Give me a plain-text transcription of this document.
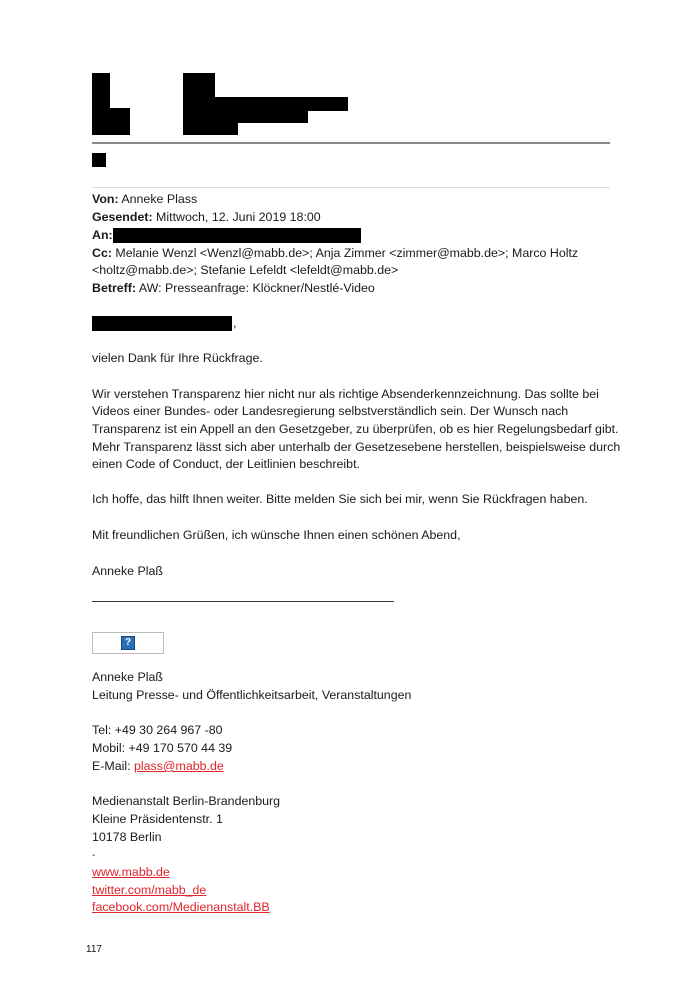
Von: Anneke Plass
Gesendet: Mittwoch, 12. Juni 2019 18:00
An:
Cc: Melanie Wenzl <Wenzl@mabb.de>; Anja Zimmer <zimmer@mabb.de>; Marco Holtz
<holtz@mabb.de>; Stefanie Lefeldt <lefeldt@mabb.de>
Betreff: AW: Presseanfrage: Klöckner/Nestlé-Video
,
vielen Dank für Ihre Rückfrage.
Wir verstehen Transparenz hier nicht nur als richtige Absenderkennzeichnung. Das sollte bei
Videos einer Bundes- oder Landesregierung selbstverständlich sein. Der Wunsch nach
Transparenz ist ein Appell an den Gesetzgeber, zu überprüfen, ob es hier Regelungsbedarf gibt.
Mehr Transparenz lässt sich aber unterhalb der Gesetzesebene herstellen, beispielsweise durch
einen Code of Conduct, der Leitlinien beschreibt.
Ich hoffe, das hilft Ihnen weiter. Bitte melden Sie sich bei mir, wenn Sie Rückfragen haben.
Mit freundlichen Grüßen, ich wünsche Ihnen einen schönen Abend,
Anneke Plaß
?
Anneke Plaß
Leitung Presse- und Öffentlichkeitsarbeit, Veranstaltungen
Tel: +49 30 264 967 -80
Mobil: +49 170 570 44 39
E-Mail: plass@mabb.de
Medienanstalt Berlin-Brandenburg
Kleine Präsidentenstr. 1
10178 Berlin
-
www.mabb.de
twitter.com/mabb_de
facebook.com/Medienanstalt.BB
117
